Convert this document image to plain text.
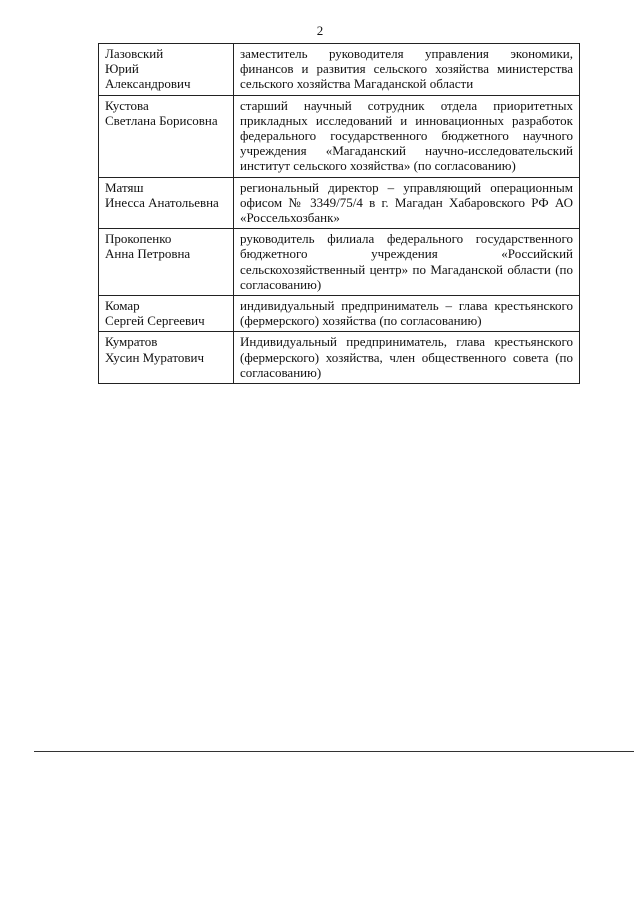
2
Лазовский
Юрий
Александрович	заместитель руководителя управления экономики, финансов и развития сельского хозяйства министерства сельского хозяйства Магаданской области

Кустова
Светлана Борисовна	старший научный сотрудник отдела приоритетных прикладных исследований и инновационных разработок федерального государственного бюджетного научного учреждения «Магаданский научно-исследовательский институт сельского хозяйства» (по согласованию)

Матяш
Инесса Анатольевна	региональный директор – управляющий операционным офисом № 3349/75/4 в г. Магадан Хабаровского РФ АО «Россельхозбанк»

Прокопенко
Анна Петровна	руководитель филиала федерального государственного бюджетного учреждения «Российский сельскохозяйственный центр» по Магаданской области (по согласованию)

Комар
Сергей Сергеевич	индивидуальный предприниматель – глава крестьянского (фермерского) хозяйства (по согласованию)

Кумратов
Хусин Муратович	Индивидуальный предприниматель, глава крестьянского (фермерского) хозяйства, член общественного совета (по согласованию)
